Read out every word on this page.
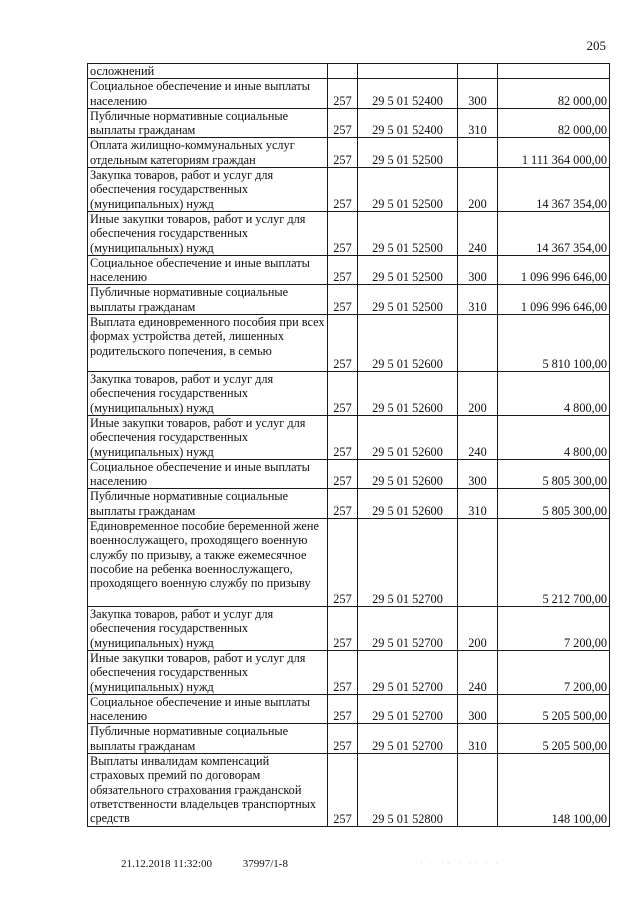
205
осложнений				
Социальное обеспечение и иные выплаты населению	257	29 5 01 52400	300	82 000,00
Публичные нормативные социальные выплаты гражданам	257	29 5 01 52400	310	82 000,00
Оплата жилищно-коммунальных услуг отдельным категориям граждан	257	29 5 01 52500		1 111 364 000,00
Закупка товаров, работ и услуг для обеспечения государственных (муниципальных) нужд	257	29 5 01 52500	200	14 367 354,00
Иные закупки товаров, работ и услуг для обеспечения государственных (муниципальных) нужд	257	29 5 01 52500	240	14 367 354,00
Социальное обеспечение и иные выплаты населению	257	29 5 01 52500	300	1 096 996 646,00
Публичные нормативные социальные выплаты гражданам	257	29 5 01 52500	310	1 096 996 646,00
Выплата единовременного пособия при всех формах устройства детей, лишенных родительского попечения, в семью	257	29 5 01 52600		5 810 100,00
Закупка товаров, работ и услуг для обеспечения государственных (муниципальных) нужд	257	29 5 01 52600	200	4 800,00
Иные закупки товаров, работ и услуг для обеспечения государственных (муниципальных) нужд	257	29 5 01 52600	240	4 800,00
Социальное обеспечение и иные выплаты населению	257	29 5 01 52600	300	5 805 300,00
Публичные нормативные социальные выплаты гражданам	257	29 5 01 52600	310	5 805 300,00
Единовременное пособие беременной жене военнослужащего, проходящего военную службу по призыву, а также ежемесячное пособие на ребенка военнослужащего, проходящего военную службу по призыву	257	29 5 01 52700		5 212 700,00
Закупка товаров, работ и услуг для обеспечения государственных (муниципальных) нужд	257	29 5 01 52700	200	7 200,00
Иные закупки товаров, работ и услуг для обеспечения государственных (муниципальных) нужд	257	29 5 01 52700	240	7 200,00
Социальное обеспечение и иные выплаты населению	257	29 5 01 52700	300	5 205 500,00
Публичные нормативные социальные выплаты гражданам	257	29 5 01 52700	310	5 205 500,00
Выплаты инвалидам компенсаций страховых премий по договорам обязательного страхования гражданской ответственности владельцев транспортных средств	257	29 5 01 52800		148 100,00
21.12.2018 11:32:00	37997/1-8	· · ·· · ·· · ·
